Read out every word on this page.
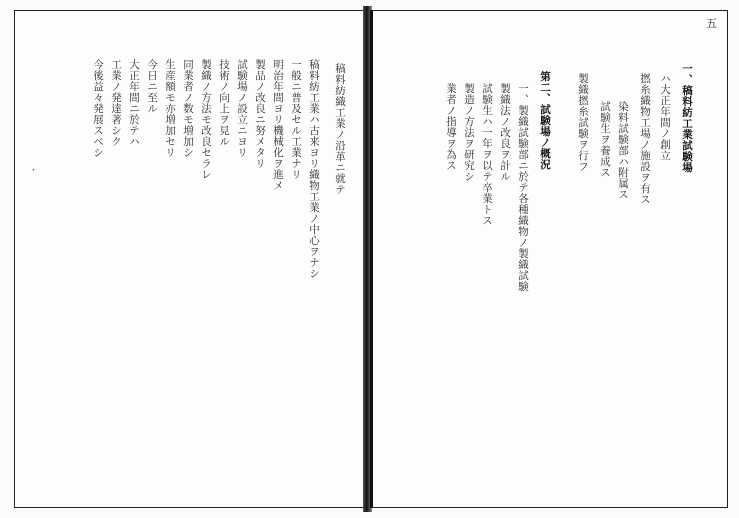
稿料紡織工業ノ沿革ニ就テ
稿料紡工業ハ古来ヨリ織物工業ノ中心ヲナシ
一般ニ普及セル工業ナリ
明治年間ヨリ機械化ヲ進メ
製品ノ改良ニ努メタリ
試験場ノ設立ニヨリ
技術ノ向上ヲ見ル
製織ノ方法モ改良セラレ
同業者ノ数モ増加シ
生産額モ亦増加セリ
今日ニ至ル
大正年間ニ於テハ
工業ノ発達著シク
今後益々発展スベシ
・
五
一、稿料紡工業試験場
ハ大正年間ノ創立
撚糸織物工場ノ施設ヲ有ス
染料試験部ハ附属ス
試験生ヲ養成ス
製織撚糸試験ヲ行フ
第二、試験場ノ概況
一、製織試験部ニ於テ各種織物ノ製織試験
製織法ノ改良ヲ計ル
試験生ハ一年ヲ以テ卒業トス
製造ノ方法ヲ研究シ
業者ノ指導ヲ為ス
